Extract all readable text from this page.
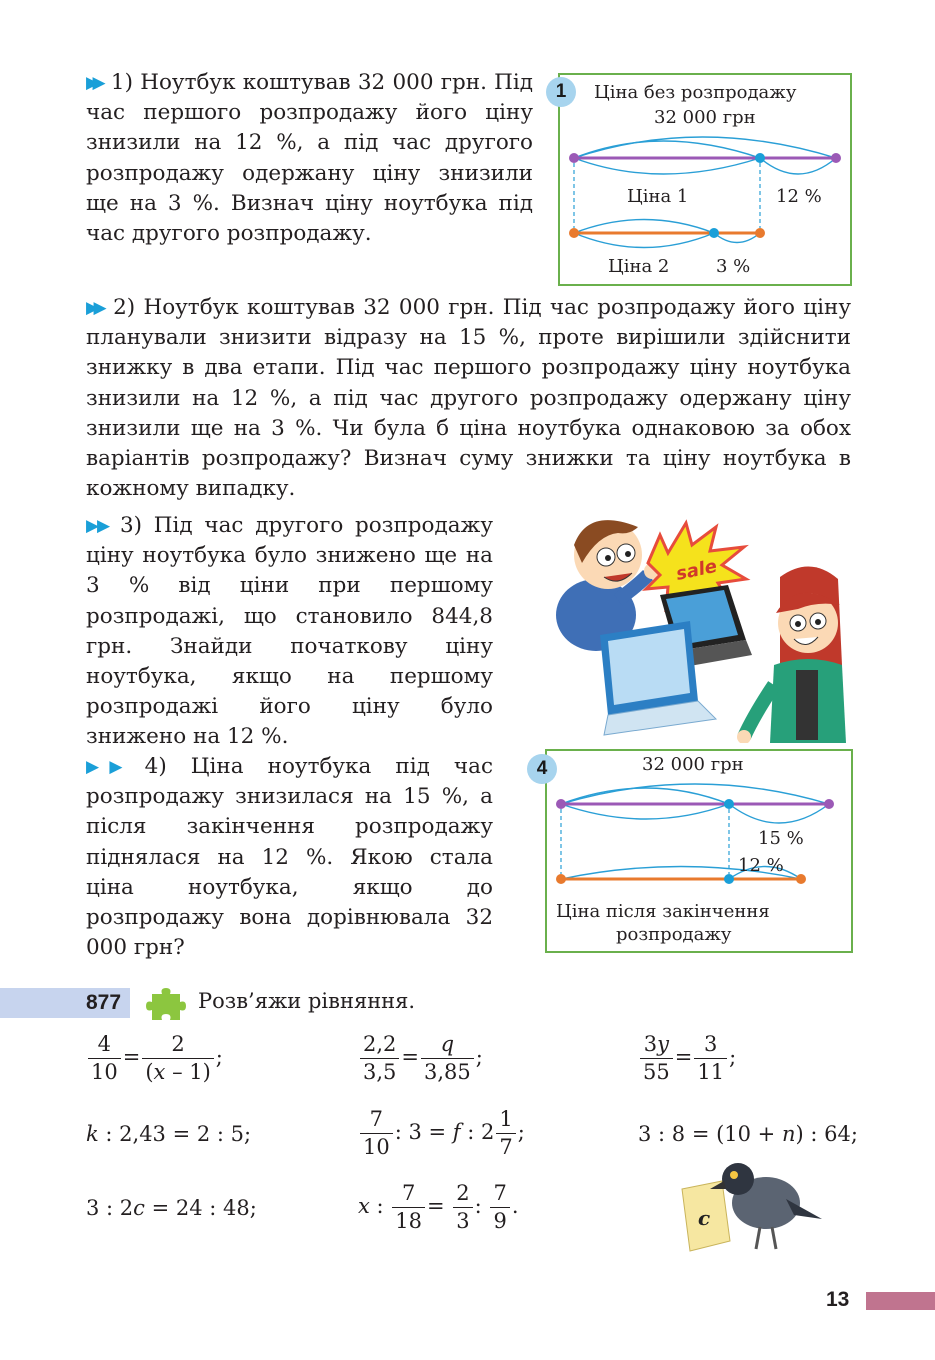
▶▶ 1) Ноутбук коштував 32 000 грн. Під час першого розпродажу його ціну знизили на 12 %, а під час другого розпродажу одержану ціну знизили ще на 3 %. Визнач ціну ноутбука під час другого розпродажу.

1	Ціна без розпродажу
32 000 грн
Ціна 1	12 %
Ціна 2	3 %

▶▶ 2) Ноутбук коштував 32 000 грн. Під час розпродажу його ціну планували знизити відразу на 15 %, проте вирішили здійснити знижку в два етапи. Під час першого розпродажу ціну ноутбука знизили на 12 %, а під час другого розпродажу одержану ціну знизили ще на 3 %. Чи була б ціна ноутбука однаковою за обох варіантів розпродажу? Визнач суму знижки та ціну ноутбука в кожному випадку.

▶▶ 3) Під час другого розпродажу ціну ноутбука було знижено ще на 3 % від ціни при першому розпродажі, що становило 844,8 грн. Знайди початкову ціну ноутбука, якщо на першому розпродажі його ціну було знижено на 12 %.

sale

▶▶ 4) Ціна ноутбука під час розпродажу знизилася на 15 %, а після закінчення розпродажу піднялася на 12 %. Якою стала ціна ноутбука, якщо до розпродажу вона дорівнювала 32 000 грн?

4	32 000 грн
15 %
12 %
Ціна після закінчення
розпродажу
877	Розв’яжи рівняння.
$\frac{4}{10} = \frac{2}{(x - 1)}$ ;	$\frac{2,2}{3,5} = \frac{q}{3,85}$ ;	$\frac{3y}{55} = \frac{3}{11}$ ;
k : 2,43 = 2 : 5;	$\frac{7}{10}$ : 3 = f : $2 \frac{1}{7}$ ;	3 : 8 = (10 + n) : 64;
3 : 2c = 24 : 48;	x : $\frac{7}{18} = \frac{2}{3}$ : $\frac{7}{9}$ .	c
13
